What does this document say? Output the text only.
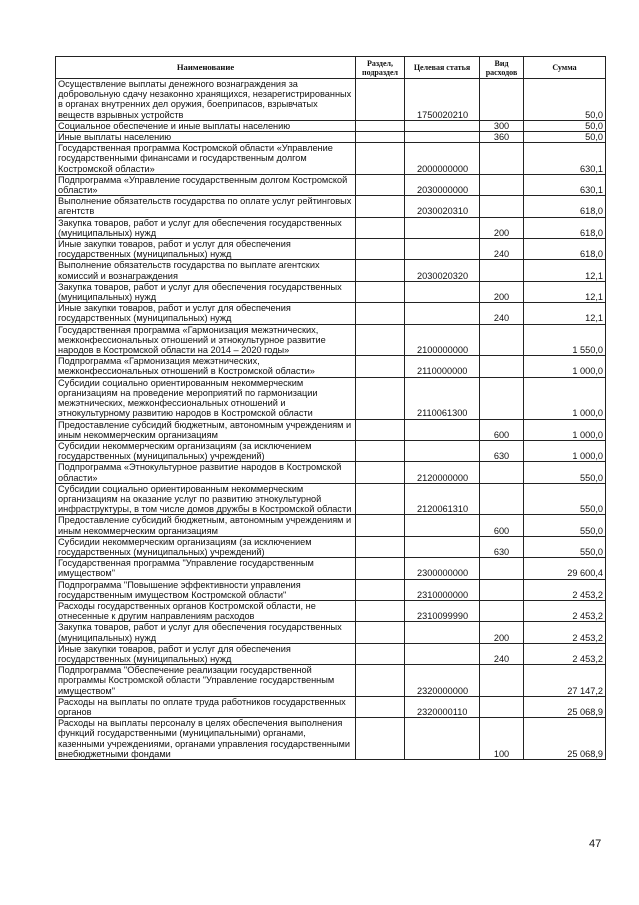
Наименование	Раздел, подраздел	Целевая статья	Вид расходов	Сумма
Осуществление выплаты денежного вознаграждения за добровольную сдачу незаконно хранящихся, незарегистрированных в органах внутренних дел оружия, боеприпасов, взрывчатых веществ взрывных устройств		1750020210		50,0
Социальное обеспечение и иные выплаты населению			300	50,0
Иные выплаты населению			360	50,0
Государственная программа Костромской области «Управление государственными финансами и государственным долгом Костромской области»		2000000000		630,1
Подпрограмма «Управление государственным долгом Костромской области»		2030000000		630,1
Выполнение обязательств государства по оплате услуг рейтинговых агентств		2030020310		618,0
Закупка товаров, работ и услуг для обеспечения государственных (муниципальных) нужд			200	618,0
Иные закупки товаров, работ и услуг для обеспечения государственных (муниципальных) нужд			240	618,0
Выполнение обязательств государства по выплате агентских комиссий и вознаграждения		2030020320		12,1
Закупка товаров, работ и услуг для обеспечения государственных (муниципальных) нужд			200	12,1
Иные закупки товаров, работ и услуг для обеспечения государственных (муниципальных) нужд			240	12,1
Государственная программа «Гармонизация межэтнических, межконфессиональных отношений и этнокультурное развитие народов в Костромской области на 2014 – 2020 годы»		2100000000		1 550,0
Подпрограмма «Гармонизация межэтнических, межконфессиональных отношений в Костромской области»		2110000000		1 000,0
Субсидии социально ориентированным некоммерческим организациям на проведение мероприятий по гармонизации межэтнических, межконфессиональных отношений и этнокультурному развитию народов в Костромской области		2110061300		1 000,0
Предоставление субсидий бюджетным, автономным учреждениям и иным некоммерческим организациям			600	1 000,0
Субсидии некоммерческим организациям (за исключением государственных (муниципальных) учреждений)			630	1 000,0
Подпрограмма «Этнокультурное развитие народов в Костромской области»		2120000000		550,0
Субсидии социально ориентированным некоммерческим организациям на оказание услуг по развитию этнокультурной инфраструктуры, в том числе домов дружбы в Костромской области		2120061310		550,0
Предоставление субсидий бюджетным, автономным учреждениям и иным некоммерческим организациям			600	550,0
Субсидии некоммерческим организациям (за исключением государственных (муниципальных) учреждений)			630	550,0
Государственная программа "Управление государственным имуществом"		2300000000		29 600,4
Подпрограмма "Повышение эффективности управления государственным имуществом Костромской области"		2310000000		2 453,2
Расходы государственных органов Костромской области, не отнесенные к другим направлениям расходов		2310099990		2 453,2
Закупка товаров, работ и услуг для обеспечения государственных (муниципальных) нужд			200	2 453,2
Иные закупки товаров, работ и услуг для обеспечения государственных (муниципальных) нужд			240	2 453,2
Подпрограмма "Обеспечение реализации государственной программы Костромской области "Управление государственным имуществом"		2320000000		27 147,2
Расходы на выплаты по оплате труда работников государственных органов		2320000110		25 068,9
Расходы на выплаты персоналу в целях обеспечения выполнения функций государственными (муниципальными) органами, казенными учреждениями, органами управления государственными внебюджетными фондами			100	25 068,9
47
